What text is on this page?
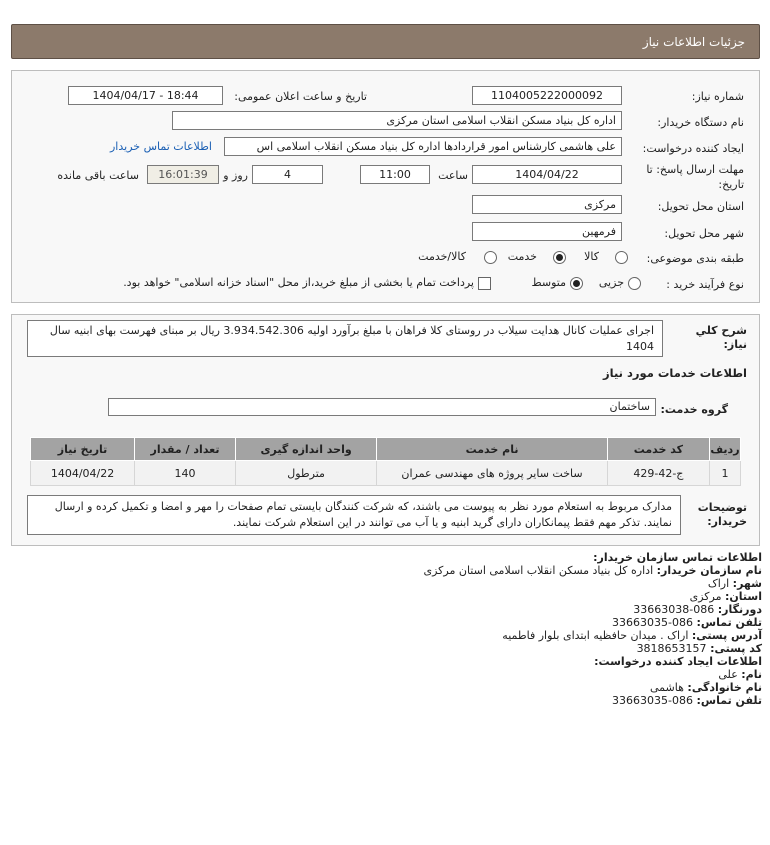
جزئیات اطلاعات نیاز
شماره نیاز:
1104005222000092
تاریخ و ساعت اعلان عمومی:
1404/04/17 - 18:44
نام دستگاه خریدار:
اداره کل بنیاد مسکن انقلاب اسلامی استان مرکزی
ایجاد کننده درخواست:
علی هاشمی کارشناس امور قراردادها اداره کل بنیاد مسکن انقلاب اسلامی اس
اطلاعات تماس خریدار
مهلت ارسال پاسخ: تا
تاریخ:
1404/04/22
ساعت
11:00
4
روز و
16:01:39
ساعت باقی مانده
استان محل تحویل:
مرکزی
شهر محل تحویل:
فرمهین
طبقه بندی موضوعی:
کالا
خدمت
کالا/خدمت
نوع فرآیند خرید :
جزیی
متوسط
پرداخت تمام یا بخشی از مبلغ خرید،از محل "اسناد خزانه اسلامی" خواهد بود.
شرح کلي نياز:
اجرای عملیات کانال هدایت سیلاب در روستای کلا فراهان با مبلغ برآورد اولیه 3.934.542.306 ریال بر مبنای فهرست بهای ابنیه سال 1404
اطلاعات خدمات مورد نیاز
گروه خدمت:
ساختمان
ردیف	کد خدمت	نام خدمت	واحد اندازه گیری	تعداد / مقدار	تاریخ نیاز
1	ج-42-429	ساخت سایر پروژه های مهندسی عمران	مترطول	140	1404/04/22
توضیحات
خریدار:
مدارک مربوط به استعلام مورد نظر به پیوست می باشند، که شرکت کنندگان بایستی تمام صفحات را مهر و امضا و تکمیل کرده و ارسال نمایند. تذکر مهم فقط پیمانکاران دارای گرید ابنیه و یا آب می توانند در این استعلام شرکت نمایند.
اطلاعات تماس سازمان خریدار:
نام سازمان خریدار: اداره کل بنیاد مسکن انقلاب اسلامی استان مرکزی
شهر: اراک
استان: مرکزی
دورنگار: 086-33663038
تلفن تماس: 086-33663035
آدرس پستی: اراک . میدان حافظیه ابتدای بلوار فاطمیه
کد پستی: 3818653157
اطلاعات ایجاد کننده درخواست:
نام: علی
نام خانوادگی: هاشمی
تلفن تماس: 086-33663035
